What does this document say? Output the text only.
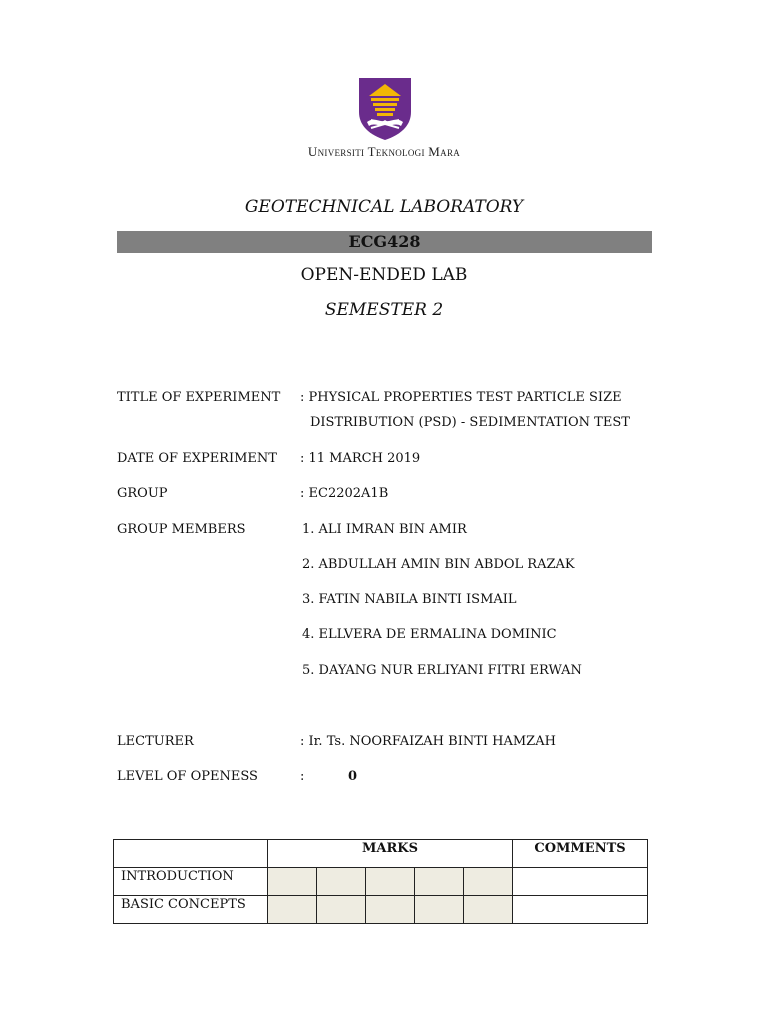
Universiti Teknologi Mara
GEOTECHNICAL LABORATORY
ECG428
OPEN-ENDED LAB
SEMESTER 2
TITLE OF EXPERIMENT : PHYSICAL PROPERTIES TEST PARTICLE SIZE
DISTRIBUTION (PSD) - SEDIMENTATION TEST
DATE OF EXPERIMENT : 11 MARCH 2019
GROUP	: EC2202A1B
GROUP MEMBERS	1. ALI IMRAN BIN AMIR
2. ABDULLAH AMIN BIN ABDOL RAZAK
3. FATIN NABILA BINTI ISMAIL
4. ELLVERA DE ERMALINA DOMINIC
5. DAYANG NUR ERLIYANI FITRI ERWAN
LECTURER	: Ir. Ts. NOORFAIZAH BINTI HAMZAH
LEVEL OF OPENESS	:	0
	MARKS					COMMENTS
INTRODUCTION						
BASIC CONCEPTS						
